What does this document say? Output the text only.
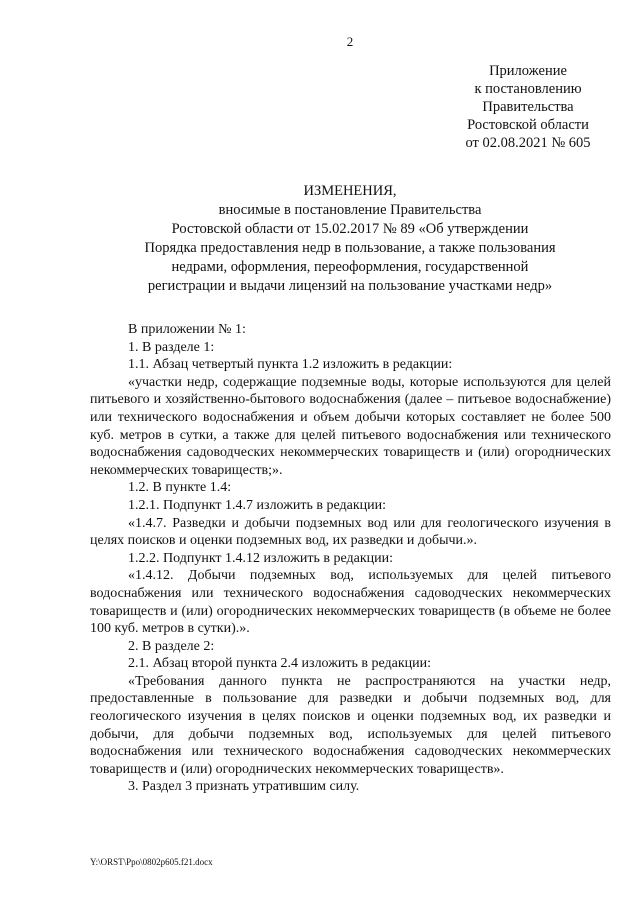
2
Приложение
к постановлению
Правительства
Ростовской области
от 02.08.2021 № 605
ИЗМЕНЕНИЯ,
вносимые в постановление Правительства
Ростовской области от 15.02.2017 № 89 «Об утверждении
Порядка предоставления недр в пользование, а также пользования
недрами, оформления, переоформления, государственной
регистрации и выдачи лицензий на пользование участками недр»

В приложении № 1:

1. В разделе 1:

1.1. Абзац четвертый пункта 1.2 изложить в редакции:

«участки недр, содержащие подземные воды, которые используются для целей питьевого и хозяйственно-бытового водоснабжения (далее – питьевое водоснабжение) или технического водоснабжения и объем добычи которых составляет не более 500 куб. метров в сутки, а также для целей питьевого водоснабжения или технического водоснабжения садоводческих некоммерческих товариществ и (или) огороднических некоммерческих товариществ;».

1.2. В пункте 1.4:

1.2.1. Подпункт 1.4.7 изложить в редакции:

«1.4.7. Разведки и добычи подземных вод или для геологического изучения в целях поисков и оценки подземных вод, их разведки и добычи.».

1.2.2. Подпункт 1.4.12 изложить в редакции:

«1.4.12. Добычи подземных вод, используемых для целей питьевого водоснабжения или технического водоснабжения садоводческих некоммерческих товариществ и (или) огороднических некоммерческих товариществ (в объеме не более 100 куб. метров в сутки).».

2. В разделе 2:

2.1. Абзац второй пункта 2.4 изложить в редакции:

«Требования данного пункта не распространяются на участки недр, предоставленные в пользование для разведки и добычи подземных вод, для геологического изучения в целях поисков и оценки подземных вод, их разведки и добычи, для добычи подземных вод, используемых для целей питьевого водоснабжения или технического водоснабжения садоводческих некоммерческих товариществ и (или) огороднических некоммерческих товариществ».

3. Раздел 3 признать утратившим силу.

Y:\ORST\Ppo\0802p605.f21.docx
